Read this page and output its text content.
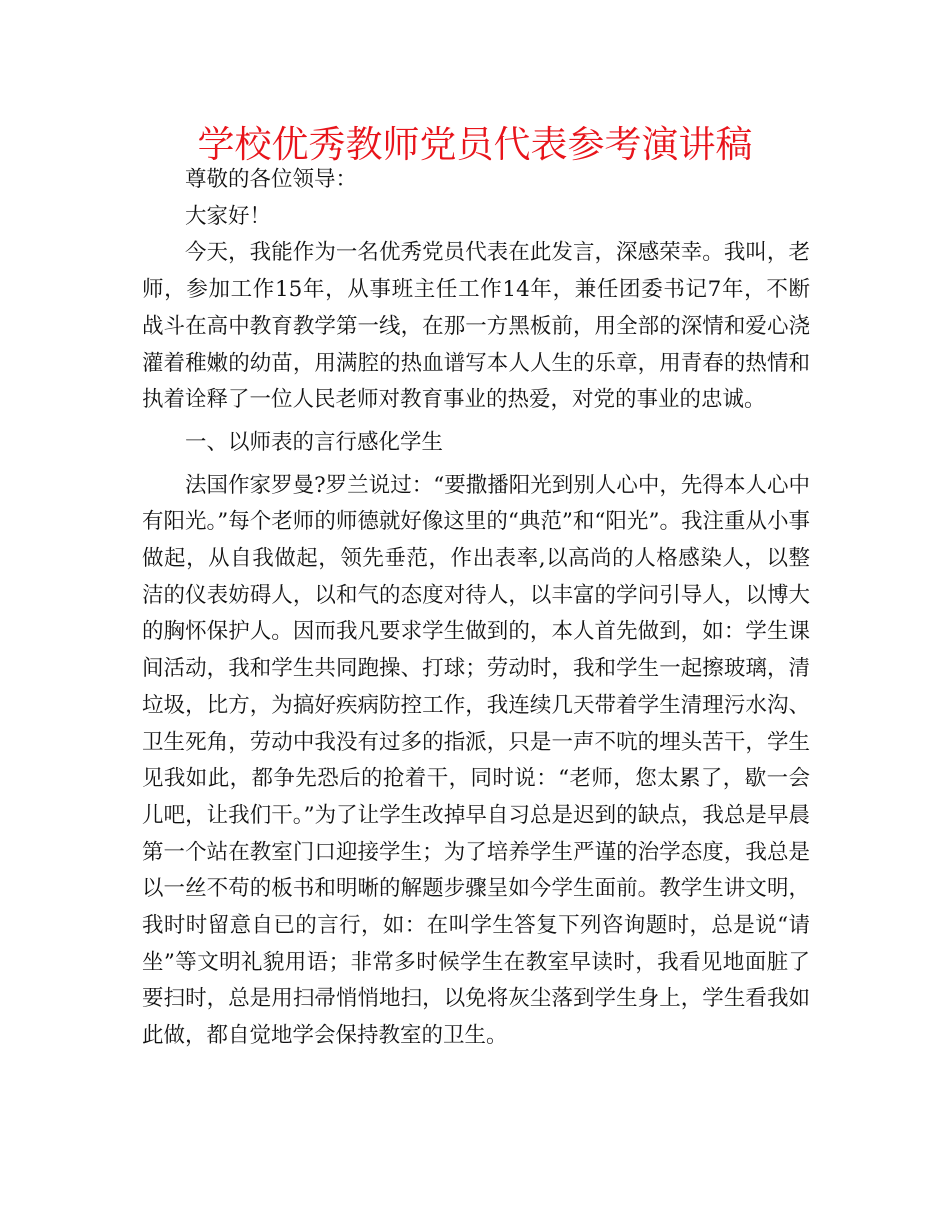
学校优秀教师党员代表参考演讲稿

尊敬的各位领导：

大家好！

今天，我能作为一名优秀党员代表在此发言，深感荣幸。我叫，老师，参加工作15年，从事班主任工作14年，兼任团委书记7年，不断战斗在高中教育教学第一线，在那一方黑板前，用全部的深情和爱心浇灌着稚嫩的幼苗，用满腔的热血谱写本人人生的乐章，用青春的热情和执着诠释了一位人民老师对教育事业的热爱，对党的事业的忠诚。

一、以师表的言行感化学生

法国作家罗曼?罗兰说过：“要撒播阳光到别人心中，先得本人心中有阳光。”每个老师的师德就好像这里的“典范”和“阳光”。我注重从小事做起，从自我做起，领先垂范，作出表率,以高尚的人格感染人，以整洁的仪表妨碍人，以和气的态度对待人，以丰富的学问引导人，以博大的胸怀保护人。因而我凡要求学生做到的，本人首先做到，如：学生课间活动，我和学生共同跑操、打球；劳动时，我和学生一起擦玻璃，清垃圾，比方，为搞好疾病防控工作，我连续几天带着学生清理污水沟、卫生死角，劳动中我没有过多的指派，只是一声不吭的埋头苦干，学生见我如此，都争先恐后的抢着干，同时说：“老师，您太累了，歇一会儿吧，让我们干。”为了让学生改掉早自习总是迟到的缺点，我总是早晨第一个站在教室门口迎接学生；为了培养学生严谨的治学态度，我总是以一丝不苟的板书和明晰的解题步骤呈如今学生面前。教学生讲文明，我时时留意自已的言行，如：在叫学生答复下列咨询题时，总是说“请坐”等文明礼貌用语；非常多时候学生在教室早读时，我看见地面脏了要扫时，总是用扫帚悄悄地扫，以免将灰尘落到学生身上，学生看我如此做，都自觉地学会保持教室的卫生。
